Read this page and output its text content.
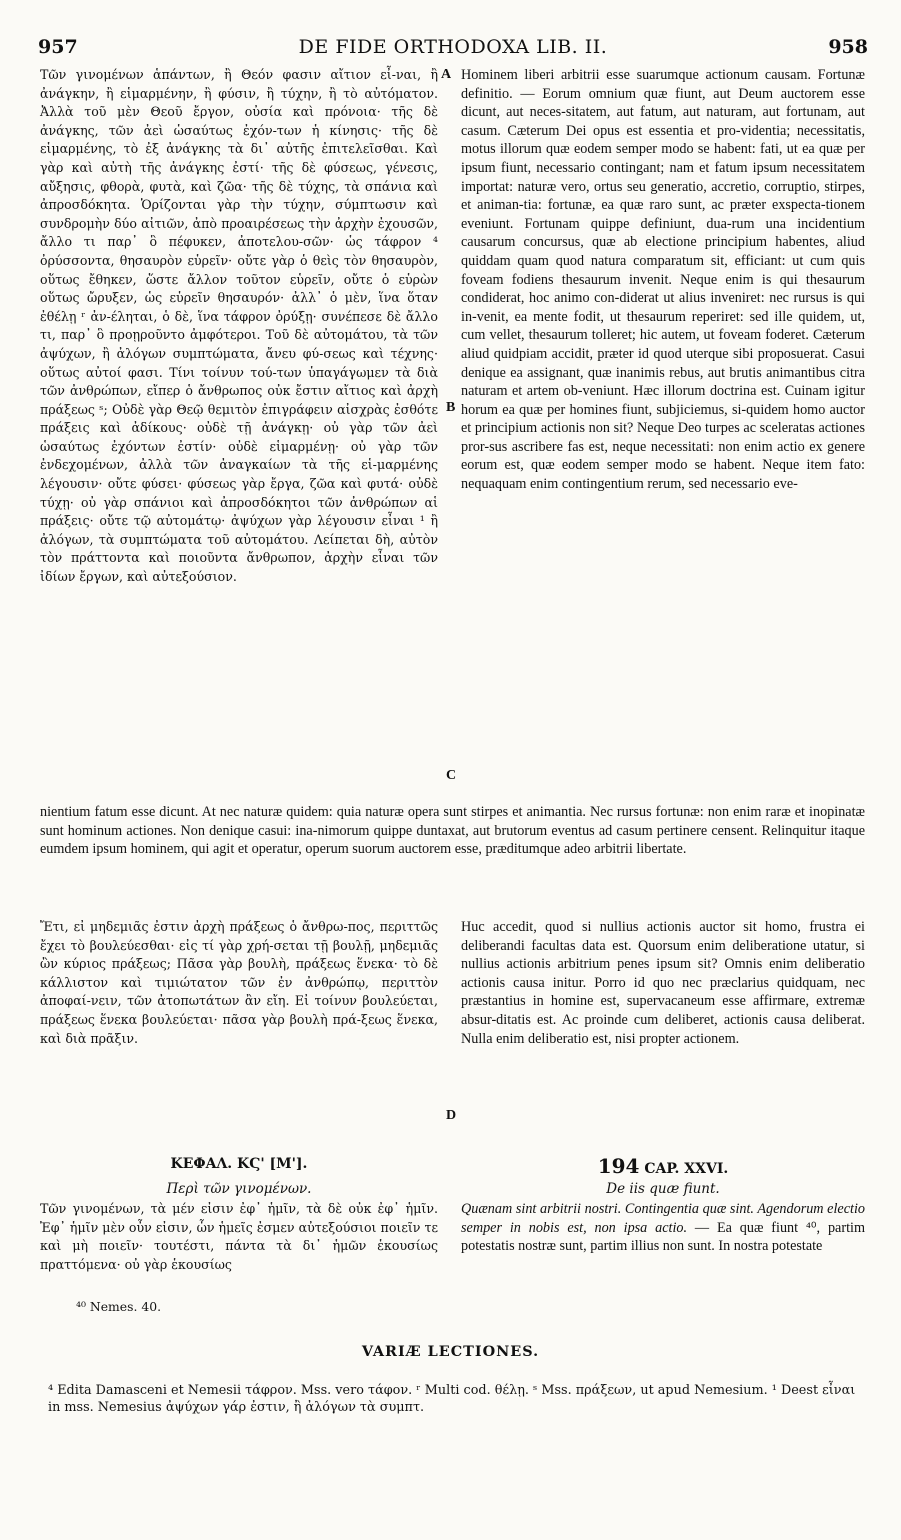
957	DE FIDE ORTHODOXA LIB. II.	958
Τῶν γινομένων ἁπάντων, ἢ Θεόν φασιν αἴτιον εἶ-ναι, ἢ ἀνάγκην, ἢ εἱμαρμένην, ἢ φύσιν, ἢ τύχην, ἢ τὸ αὐτόματον. Ἀλλὰ τοῦ μὲν Θεοῦ ἔργον, οὐσία καὶ πρόνοια· τῆς δὲ ἀνάγκης, τῶν ἀεὶ ὡσαύτως ἐχόν-των ἡ κίνησις· τῆς δὲ εἱμαρμένης, τὸ ἐξ ἀνάγκης τὰ δι᾽ αὐτῆς ἐπιτελεῖσθαι. Καὶ γὰρ καὶ αὐτὴ τῆς ἀνάγκης ἐστί· τῆς δὲ φύσεως, γένεσις, αὔξησις, φθορὰ, φυτὰ, καὶ ζῶα· τῆς δὲ τύχης, τὰ σπάνια καὶ ἀπροσδόκητα. Ὁρίζονται γὰρ τὴν τύχην, σύμπτωσιν καὶ συνδρομὴν δύο αἰτιῶν, ἀπὸ προαιρέσεως τὴν ἀρχὴν ἐχουσῶν, ἄλλο τι παρ᾽ ὃ πέφυκεν, ἀποτελου-σῶν· ὡς τάφρον ⁴ ὀρύσσοντα, θησαυρὸν εὑρεῖν· οὔτε γὰρ ὁ θεὶς τὸν θησαυρὸν, οὕτως ἔθηκεν, ὥστε ἄλλον τοῦτον εὑρεῖν, οὔτε ὁ εὑρὼν οὕτως ὤρυξεν, ὡς εὑρεῖν θησαυρόν· ἀλλ᾽ ὁ μὲν, ἵνα ὅταν ἐθέλῃ ʳ ἀν-έληται, ὁ δὲ, ἵνα τάφρον ὀρύξῃ· συνέπεσε δὲ ἄλλο τι, παρ᾽ ὃ προῃροῦντο ἀμφότεροι. Τοῦ δὲ αὐτομάτου, τὰ τῶν ἀψύχων, ἢ ἀλόγων συμπτώματα, ἄνευ φύ-σεως καὶ τέχνης· οὕτως αὐτοί φασι. Τίνι τοίνυν τού-των ὑπαγάγωμεν τὰ διὰ τῶν ἀνθρώπων, εἴπερ ὁ ἄνθρωπος οὐκ ἔστιν αἴτιος καὶ ἀρχὴ πράξεως ˢ; Οὐδὲ γὰρ Θεῷ θεμιτὸν ἐπιγράφειν αἰσχρὰς ἐσθότε πράξεις καὶ ἀδίκους· οὐδὲ τῇ ἀνάγκῃ· οὐ γὰρ τῶν ἀεὶ ὡσαύτως ἐχόντων ἐστίν· οὐδὲ εἱμαρμένῃ· οὐ γὰρ τῶν ἐνδεχομένων, ἀλλὰ τῶν ἀναγκαίων τὰ τῆς εἱ-μαρμένης λέγουσιν· οὔτε φύσει· φύσεως γὰρ ἔργα, ζῶα καὶ φυτά· οὐδὲ τύχῃ· οὐ γὰρ σπάνιοι καὶ ἀπροσδόκητοι τῶν ἀνθρώπων αἱ πράξεις· οὔτε τῷ αὐτομάτῳ· ἀψύχων γὰρ λέγουσιν εἶναι ¹ ἢ ἀλόγων, τὰ συμπτώματα τοῦ αὐτομάτου. Λείπεται δὴ, αὐτὸν τὸν πράττοντα καὶ ποιοῦντα ἄνθρωπον, ἀρχὴν εἶναι τῶν ἰδίων ἔργων, καὶ αὐτεξούσιον.
Hominem liberi arbitrii esse suarumque actionum causam. Fortunæ definitio. — Eorum omnium quæ fiunt, aut Deum auctorem esse dicunt, aut neces-sitatem, aut fatum, aut naturam, aut fortunam, aut casum. Cæterum Dei opus est essentia et pro-videntia; necessitatis, motus illorum quæ eodem semper modo se habent: fati, ut ea quæ per ipsum fiunt, necessario contingant; nam et fatum ipsum necessitatem importat: naturæ vero, ortus seu generatio, accretio, corruptio, stirpes, et animan-tia: fortunæ, ea quæ raro sunt, ac præter exspecta-tionem eveniunt. Fortunam quippe definiunt, dua-rum una incidentium causarum concursus, quæ ab electione principium habentes, aliud quiddam quam quod natura comparatum sit, efficiant: ut cum quis foveam fodiens thesaurum invenit. Neque enim is qui thesaurum condiderat, hoc animo con-diderat ut alius inveniret: nec rursus is qui in-venit, ea mente fodit, ut thesaurum reperiret: sed ille quidem, ut, cum vellet, thesaurum tolleret; hic autem, ut foveam foderet. Cæterum aliud quidpiam accidit, præter id quod uterque sibi proposuerat. Casui denique ea assignant, quæ inanimis rebus, aut brutis animantibus citra naturam et artem ob-veniunt. Hæc illorum doctrina est. Cuinam igitur horum ea quæ per homines fiunt, subjiciemus, si-quidem homo auctor et principium actionis non sit? Neque Deo turpes ac sceleratas actiones pror-sus ascribere fas est, neque necessitati: non enim actio ex genere eorum est, quæ eodem semper modo se habent. Neque item fato: nequaquam enim contingentium rerum, sed necessario eve-
A
B
C
D
nientium fatum esse dicunt. At nec naturæ quidem: quia naturæ opera sunt stirpes et animantia. Nec rursus fortunæ: non enim raræ et inopinatæ sunt hominum actiones. Non denique casui: ina-nimorum quippe duntaxat, aut brutorum eventus ad casum pertinere censent. Relinquitur itaque eumdem ipsum hominem, qui agit et operatur, operum suorum auctorem esse, præditumque adeo arbitrii libertate.
Ἔτι, εἰ μηδεμιᾶς ἐστιν ἀρχὴ πράξεως ὁ ἄνθρω-πος, περιττῶς ἔχει τὸ βουλεύεσθαι· εἰς τί γὰρ χρή-σεται τῇ βουλῇ, μηδεμιᾶς ὢν κύριος πράξεως; Πᾶσα γὰρ βουλὴ, πράξεως ἕνεκα· τὸ δὲ κάλλιστον καὶ τιμιώτατον τῶν ἐν ἀνθρώπῳ, περιττὸν ἀποφαί-νειν, τῶν ἀτοπωτάτων ἂν εἴη. Εἰ τοίνυν βουλεύεται, πράξεως ἕνεκα βουλεύεται· πᾶσα γὰρ βουλὴ πρά-ξεως ἕνεκα, καὶ διὰ πρᾶξιν.
Huc accedit, quod si nullius actionis auctor sit homo, frustra ei deliberandi facultas data est. Quorsum enim deliberatione utatur, si nullius actionis arbitrium penes ipsum sit? Omnis enim deliberatio actionis causa initur. Porro id quo nec præclarius quidquam, nec præstantius in homine est, supervacaneum esse affirmare, extremæ absur-ditatis est. Ac proinde cum deliberet, actionis causa deliberat. Nulla enim deliberatio est, nisi propter actionem.
ΚΕΦΑΛ. ΚϚ' [Μ'].
Περὶ τῶν γινομένων.
Τῶν γινομένων, τὰ μέν εἰσιν ἐφ᾽ ἡμῖν, τὰ δὲ οὐκ ἐφ᾽ ἡμῖν. Ἐφ᾽ ἡμῖν μὲν οὖν εἰσιν, ὧν ἡμεῖς ἐσμεν αὐτεξούσιοι ποιεῖν τε καὶ μὴ ποιεῖν· τουτέστι, πάντα τὰ δι᾽ ἡμῶν ἑκουσίως πραττόμενα· οὐ γὰρ ἑκουσίως
194 CAP. XXVI.
De iis quæ fiunt.
Quænam sint arbitrii nostri. Contingentia quæ sint. Agendorum electio semper in nobis est, non ipsa actio. — Ea quæ fiunt ⁴⁰, partim potestatis nostræ sunt, partim illius non sunt. In nostra potestate
⁴⁰ Nemes. 40.
VARIÆ LECTIONES.
⁴ Edita Damasceni et Nemesii τάφρον. Mss. vero τάφον. ʳ Multi cod. θέλῃ. ˢ Mss. πράξεων, ut apud Nemesium. ¹ Deest εἶναι in mss. Nemesius ἀψύχων γάρ ἐστιν, ἢ ἀλόγων τὰ συμπτ.
